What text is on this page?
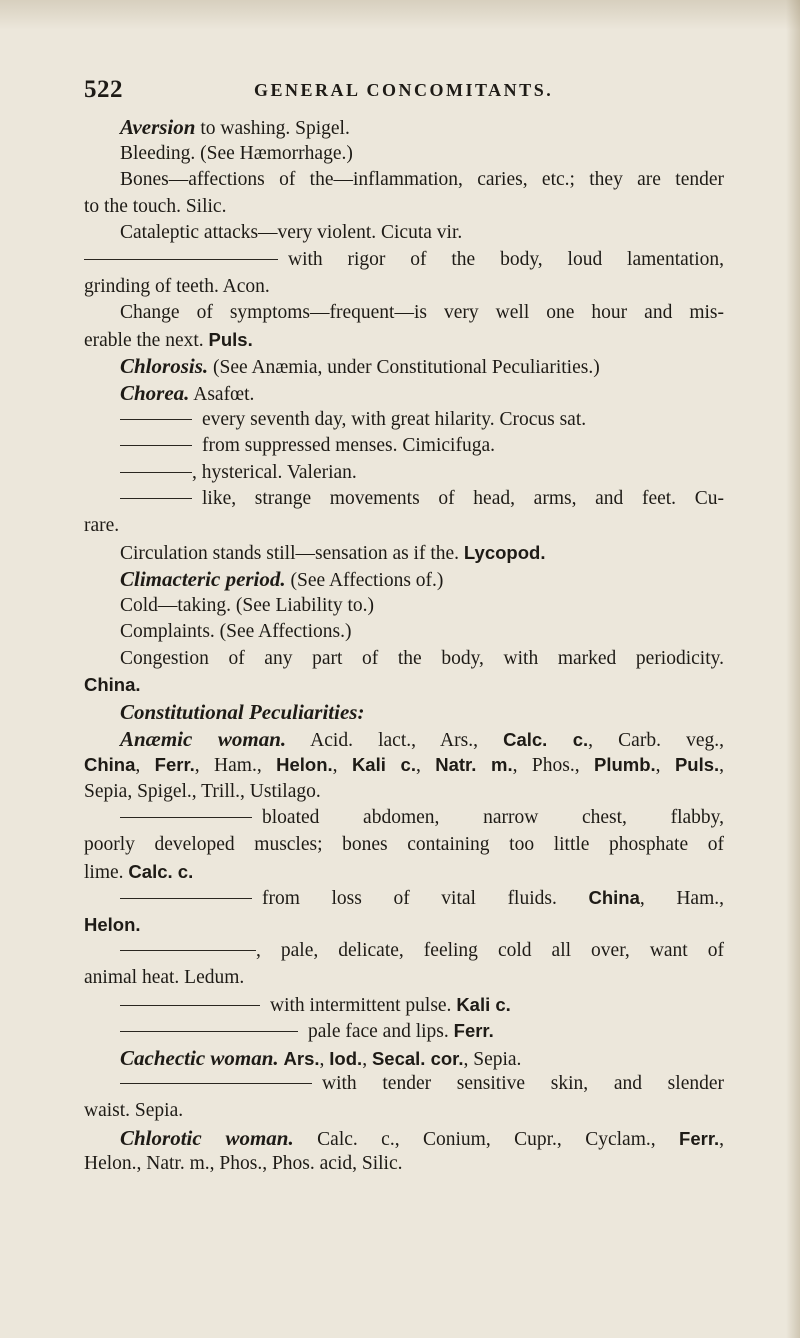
522	GENERAL CONCOMITANTS.
Aversion to washing. Spigel.
Bleeding. (See Hæmorrhage.)
Bones—affections of the—inflammation, caries, etc.; they are tender
to the touch. Silic.
Cataleptic attacks—very violent. Cicuta vir.
with rigor of the body, loud lamentation,
grinding of teeth. Acon.
Change of symptoms—frequent—is very well one hour and mis-
erable the next. Puls.
Chlorosis. (See Anæmia, under Constitutional Peculiarities.)
Chorea. Asafœt.
every seventh day, with great hilarity. Crocus sat.
from suppressed menses. Cimicifuga.
, hysterical. Valerian.
like, strange movements of head, arms, and feet. Cu-
rare.
Circulation stands still—sensation as if the. Lycopod.
Climacteric period. (See Affections of.)
Cold—taking. (See Liability to.)
Complaints. (See Affections.)
Congestion of any part of the body, with marked periodicity.
China.
Constitutional Peculiarities:
Anæmic woman. Acid. lact., Ars., Calc. c., Carb. veg.,
China, Ferr., Ham., Helon., Kali c., Natr. m., Phos., Plumb., Puls.,
Sepia, Spigel., Trill., Ustilago.
bloated abdomen, narrow chest, flabby,
poorly developed muscles; bones containing too little phosphate of
lime. Calc. c.
from loss of vital fluids. China, Ham.,
Helon.
, pale, delicate, feeling cold all over, want of
animal heat. Ledum.
with intermittent pulse. Kali c.
pale face and lips. Ferr.
Cachectic woman. Ars., Iod., Secal. cor., Sepia.
with tender sensitive skin, and slender
waist. Sepia.
Chlorotic woman. Calc. c., Conium, Cupr., Cyclam., Ferr.,
Helon., Natr. m., Phos., Phos. acid, Silic.
